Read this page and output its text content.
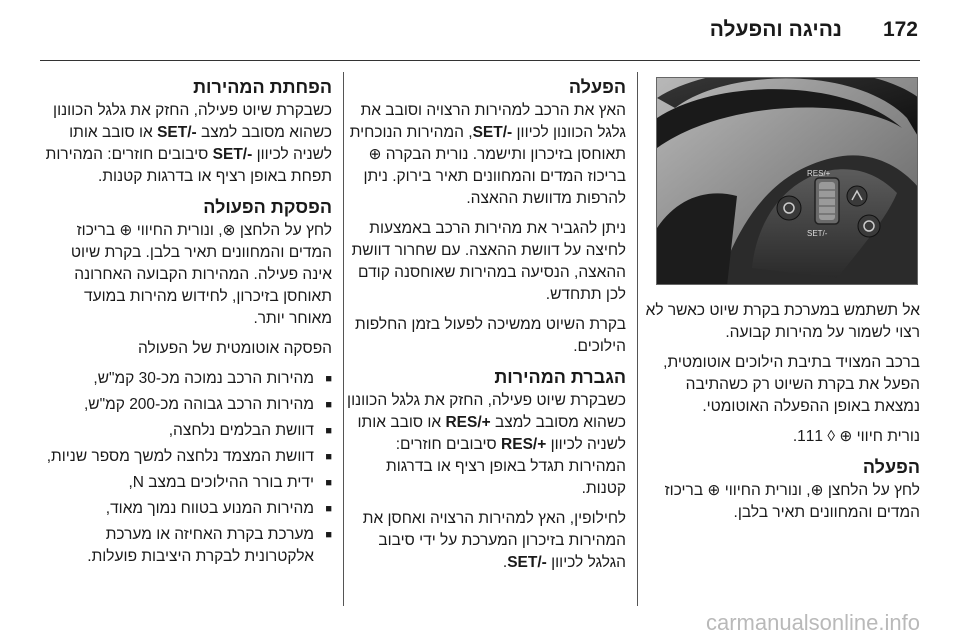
172
נהיגה והפעלה
RES/+
SET/-

אל תשתמש במערכת בקרת שיוט כאשר לא רצוי לשמור על מהירות קבועה.

ברכב המצויד בתיבת הילוכים אוטומטית, הפעל את בקרת השיוט רק כשהתיבה נמצאת באופן ההפעלה האוטומטי.

נורית חיווי ⊕ ◊ 111.

הפעלה

לחץ על הלחצן ⊕, ונורית החיווי ⊕ בריכוז המדים והמחוונים תאיר בלבן.

הפעלה

האץ את הרכב למהירות הרצויה וסובב את גלגל הכוונון לכיוון SET/-, המהירות הנוכחית תאוחסן בזיכרון ותישמר. נורית הבקרה ⊕ בריכוז המדים והמחוונים תאיר בירוק. ניתן להרפות מדוושת ההאצה.

ניתן להגביר את מהירות הרכב באמצעות לחיצה על דוושת ההאצה. עם שחרור דוושת ההאצה, הנסיעה במהירות שאוחסנה קודם לכן תתחדש.

בקרת השיוט ממשיכה לפעול בזמן החלפות הילוכים.

הגברת המהירות

כשבקרת שיוט פעילה, החזק את גלגל הכוונון כשהוא מסובב למצב RES/+ או סובב אותו לשניה לכיוון RES/+ סיבובים חוזרים: המהירות תגדל באופן רציף או בדרגות קטנות.

לחילופין, האץ למהירות הרצויה ואחסן את המהירות בזיכרון המערכת על ידי סיבוב הגלגל לכיוון SET/-.

הפחתת המהירות

כשבקרת שיוט פעילה, החזק את גלגל הכוונון כשהוא מסובב למצב SET/- או סובב אותו לשניה לכיוון SET/- סיבובים חוזרים: המהירות תפחת באופן רציף או בדרגות קטנות.

הפסקת הפעולה

לחץ על הלחצן ⊗, ונורית החיווי ⊕ בריכוז המדים והמחוונים תאיר בלבן. בקרת שיוט אינה פעילה. המהירות הקבועה האחרונה תאוחסן בזיכרון, לחידוש מהירות במועד מאוחר יותר.

הפסקה אוטומטית של הפעולה

■ מהירות הרכב נמוכה מכ-30 קמ"ש,
■ מהירות הרכב גבוהה מכ-200 קמ"ש,
■ דוושת הבלמים נלחצה,
■ דוושת המצמד נלחצה למשך מספר שניות,
■ ידית בורר ההילוכים במצב N,
■ מהירות המנוע בטווח נמוך מאוד,
■ מערכת בקרת האחיזה או מערכת אלקטרונית לבקרת היציבות פועלות.
carmanualsonline.info
